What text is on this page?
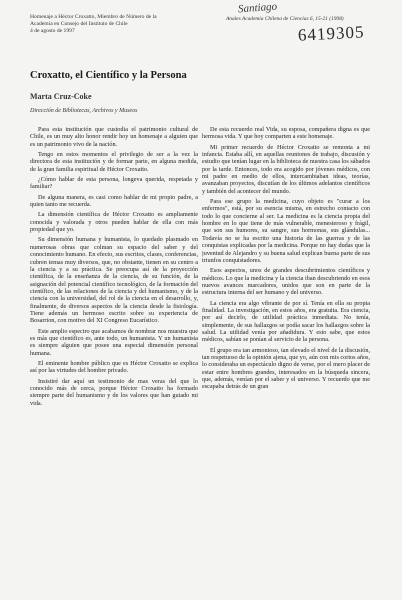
Homenaje a Héctor Croxatto, Miembro de Número de la
Academia en Consejo del Instituto de Chile
4 de agosto de 1997
Santiago
Anales Academia Chilena de Ciencias 6, 15-21 (1998)
6419305
Croxatto, el Científico y la Persona
Marta Cruz-Coke
Dirección de Bibliotecas, Archivos y Museos

Para esta institución que custodia el patrimonio cultural de Chile, es un muy alto honor rendir hoy un homenaje a alguien que es un patrimonio vivo de la nación.

Tengo en estos momentos el privilegio de ser a la vez la directora de esta institución y de formar parte, en alguna medida, de la gran familia espiritual de Héctor Croxatto.

¿Cómo hablar de esta persona, longeva querida, respetada y familiar?

De alguna manera, es casi como hablar de mi propio padre, a quien tanto me recuerda.

La dimensión científica de Héctor Croxatto es ampliamente conocida y valorada y otros pueden hablar de ella con más propiedad que yo.

Su dimensión humana y humanista, lo quedado plasmado en numerosas obras que colman su espacio del saber y del conocimiento humano. En efecto, sus escritos, clases, conferencias, cubren temas muy diversos, que, no obstante, tienen en su centro a la ciencia y a su práctica. Se preocupa así de la proyección científica, de la enseñanza de la ciencia, de su función, de la asignación del potencial científico tecnológico, de la formación del científico, de las relaciones de la ciencia y del humanismo, y de la ciencia con la universidad, del rol de la ciencia en el desarrollo, y, finalmente, de diversos aspectos de la ciencia desde la fisiología. Tiene además un hermoso escrito sobre su experiencia de Bosarrion, con motivo del XI Congreso Eucarístico.

Este amplio espectro que acabamos de nombrar nos muestra que es más que científico es, ante todo, un humanista. Y un humanista es siempre alguien que posee una especial dimensión personal humana.

El eminente hombre público que es Héctor Croxatto se explica así por las virtudes del hombre privado.

Insistiré dar aquí un testimonio de mas veras del que lo conocido más de cerca, porque Héctor Croxatto ha formado siempre parte del humanismo y de los valores que han guiado mi vida.

De esta recuerdo real Vida, su esposa, compañera digna es que hermosa vida. Y que hoy comparten a este homenaje.

Mi primer recuerdo de Héctor Croxatto se remonta a mi infancia. Estaba allí, en aquellas reuniones de trabajo, discusión y estudio que tenían lugar en la biblioteca de nuestra casa los sábados por la tarde. Entonces, todo era acogido por jóvenes médicos, con mi padre en medio de ellos, intercambiaban ideas, teorías, avanzaban proyectos, discutían de los últimos adelantos científicos y también del acontecer del mundo.

Para ese grupo la medicina, cuyo objeto es "curar a los enfermos", está, por su esencia misma, en estrecho contacto con todo lo que concierne al ser. La medicina es la ciencia propia del hombre en lo que tiene de más vulnerable, menesteroso y frágil, que son sus humores, su sangre, sus hormonas, sus glándulas... Todavía no se ha escrito una historia de las guerras y de las conquistas explicadas por la medicina. Porque no hay dudas que la juventud de Alejandro y su buena salud explican buena parte de sus triunfos conquistadores.

Esos aspectos, unos de grandes descubrimientos científicos y médicos. Lo que la medicina y la ciencia iban descubriendo en esos nuevos avances marcadores, unidos que son en parte de la estructura interna del ser humano y del universo.

La ciencia era algo vibrante de por sí. Tenía en ella su propia finalidad. La investigación, en estos años, era gratuita. Era ciencia, por así decirlo, de utilidad práctica inmediata. No tenía, simplemente, de sus hallazgos se podía sacar los hallazgos sobre la salud. La utilidad venía por añadidura. Y esto sabe, que estos médicos, sabían se ponían al servicio de la persona.

El grupo era tan armonioso, tan elevado el nivel de la discusión, tan respetuoso de la opinión ajena, que yo, aún con mis cortos años, lo consideraba un espectáculo digno de verse, por el mero placer de estar entre hombres grandes, interesados en la búsqueda sincera, que, además, venían por el saber y el universo. Y recuerdo que me escapaba detrás de un gran
